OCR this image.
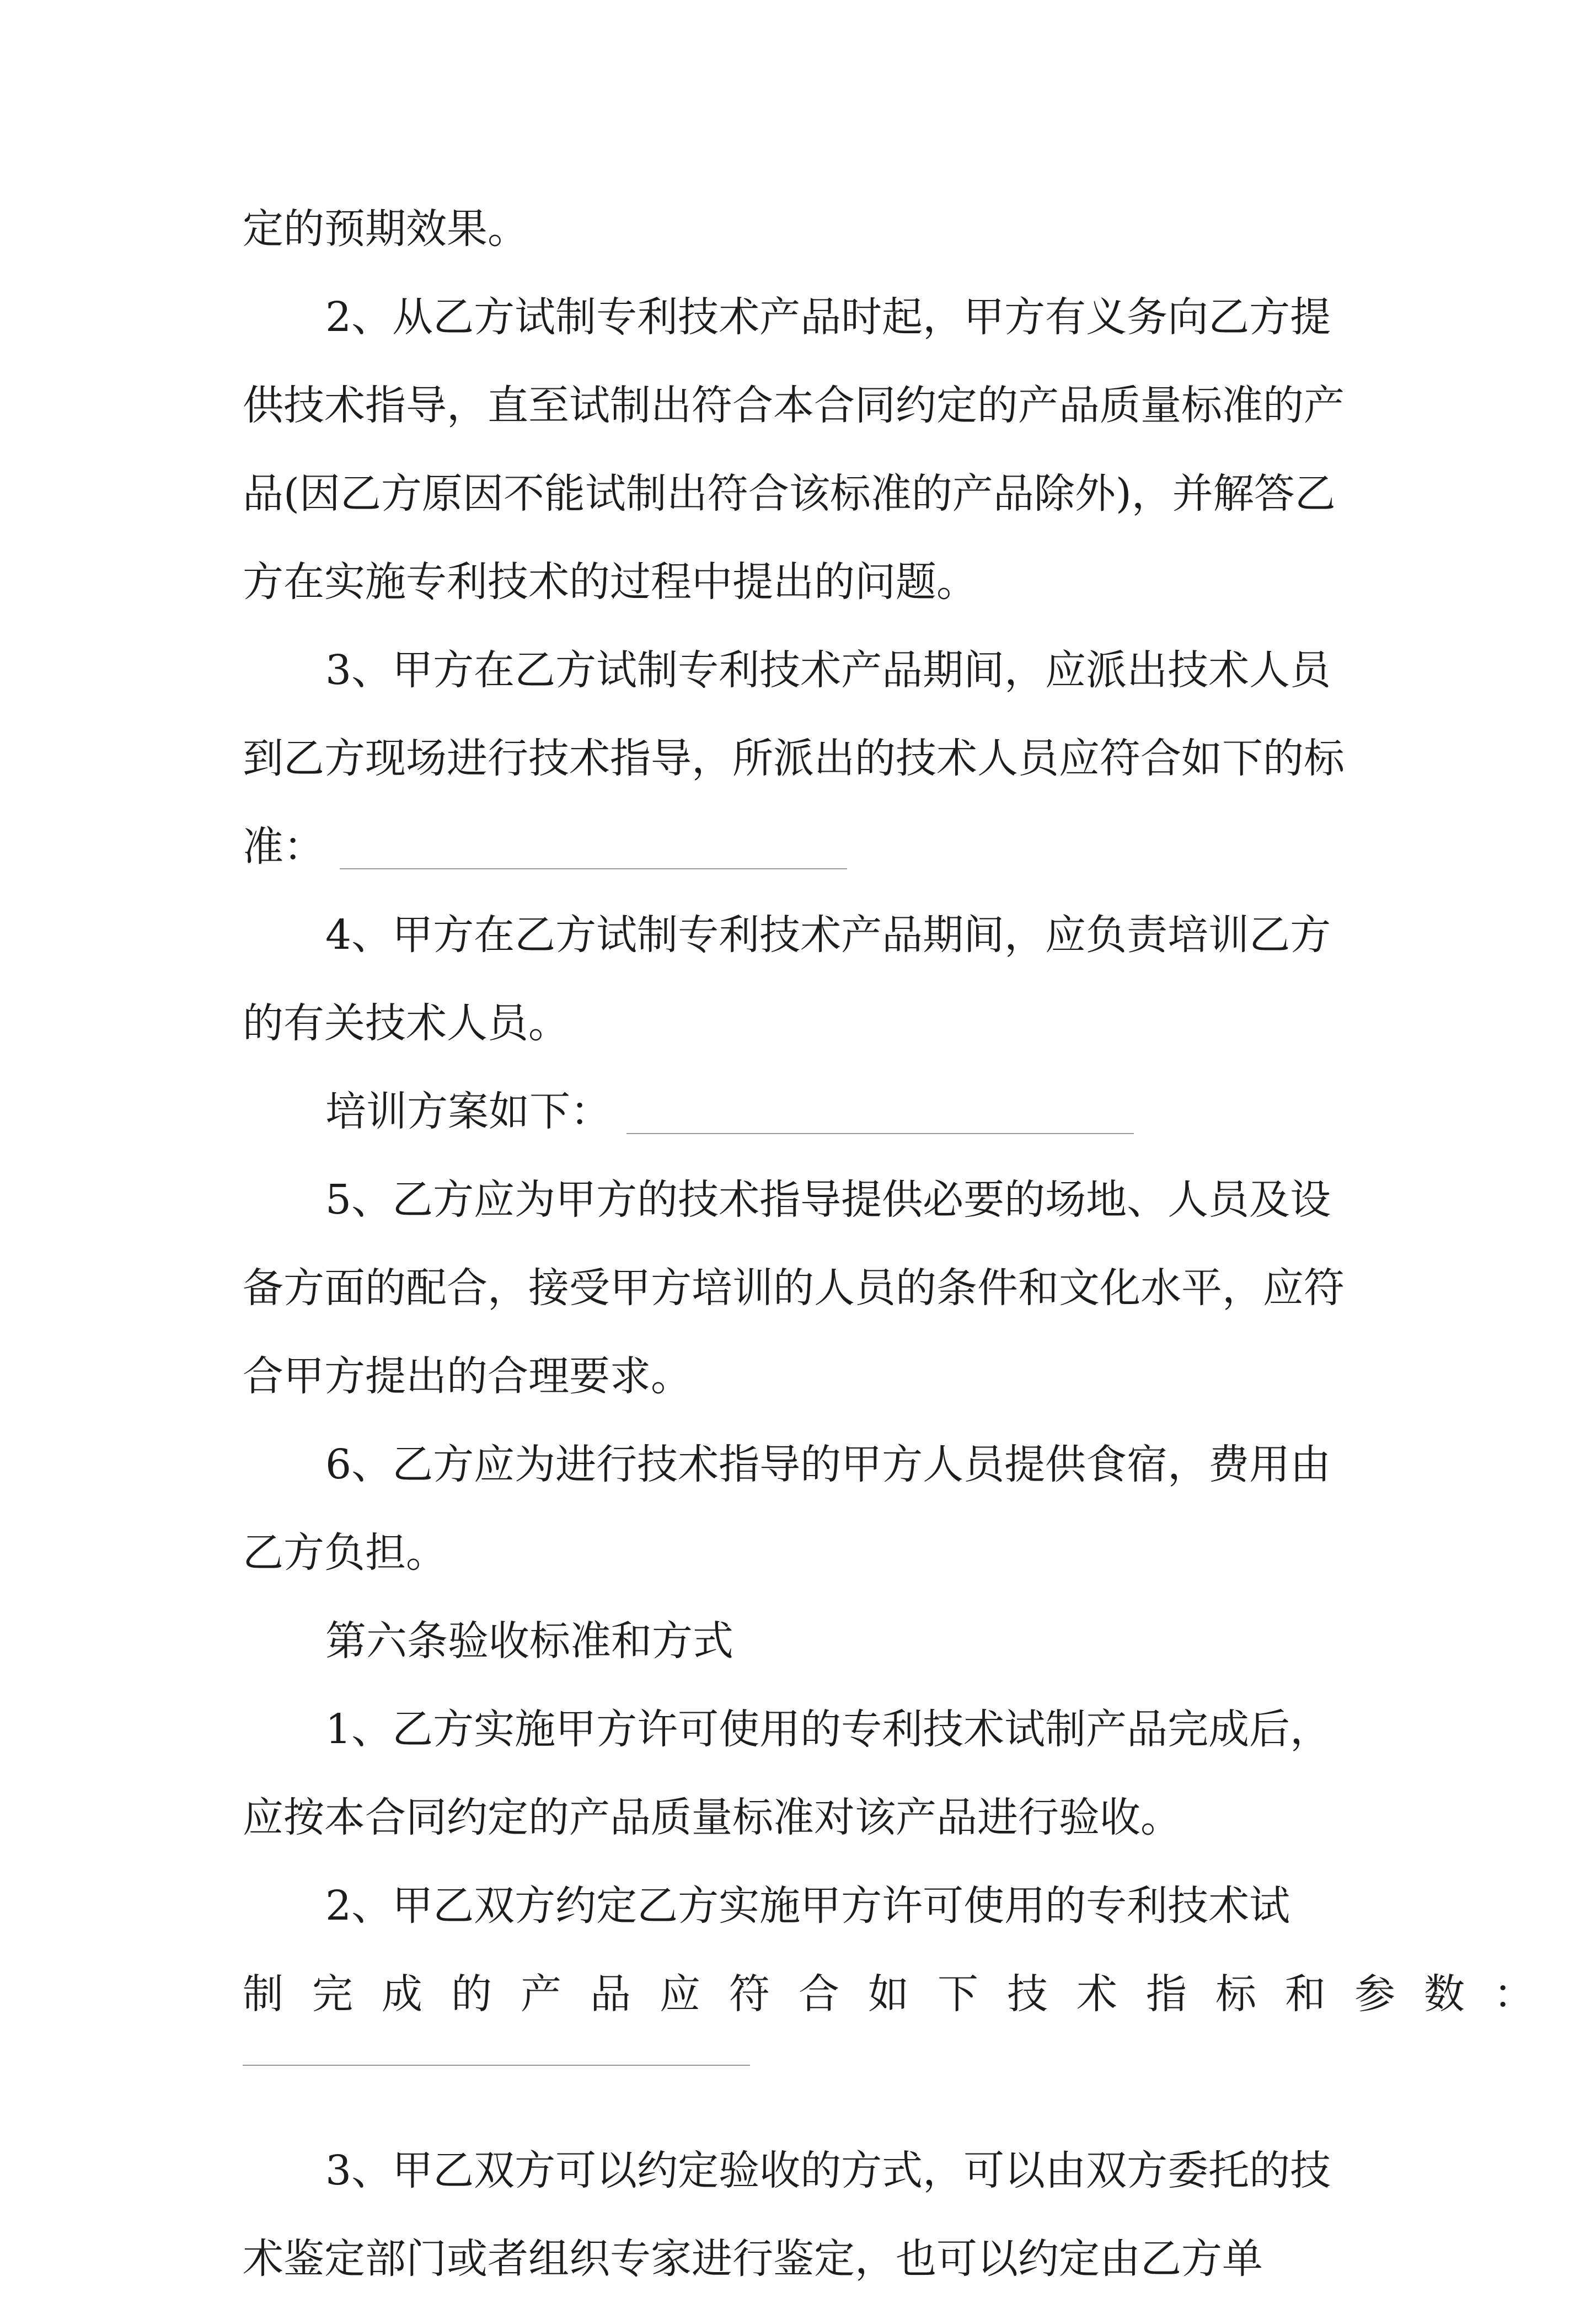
定的预期效果。

2、从乙方试制专利技术产品时起，甲方有义务向乙方提供技术指导，直至试制出符合本合同约定的产品质量标准的产品(因乙方原因不能试制出符合该标准的产品除外)，并解答乙方在实施专利技术的过程中提出的问题。

3、甲方在乙方试制专利技术产品期间，应派出技术人员到乙方现场进行技术指导，所派出的技术人员应符合如下的标准：

4、甲方在乙方试制专利技术产品期间，应负责培训乙方的有关技术人员。

培训方案如下：

5、乙方应为甲方的技术指导提供必要的场地、人员及设备方面的配合，接受甲方培训的人员的条件和文化水平，应符合甲方提出的合理要求。

6、乙方应为进行技术指导的甲方人员提供食宿，费用由乙方负担。

第六条验收标准和方式

1、乙方实施甲方许可使用的专利技术试制产品完成后，应按本合同约定的产品质量标准对该产品进行验收。

2、甲乙双方约定乙方实施甲方许可使用的专利技术试

制完成的产品应符合如下技术指标和参数：

3、甲乙双方可以约定验收的方式，可以由双方委托的技术鉴定部门或者组织专家进行鉴定，也可以约定由乙方单
